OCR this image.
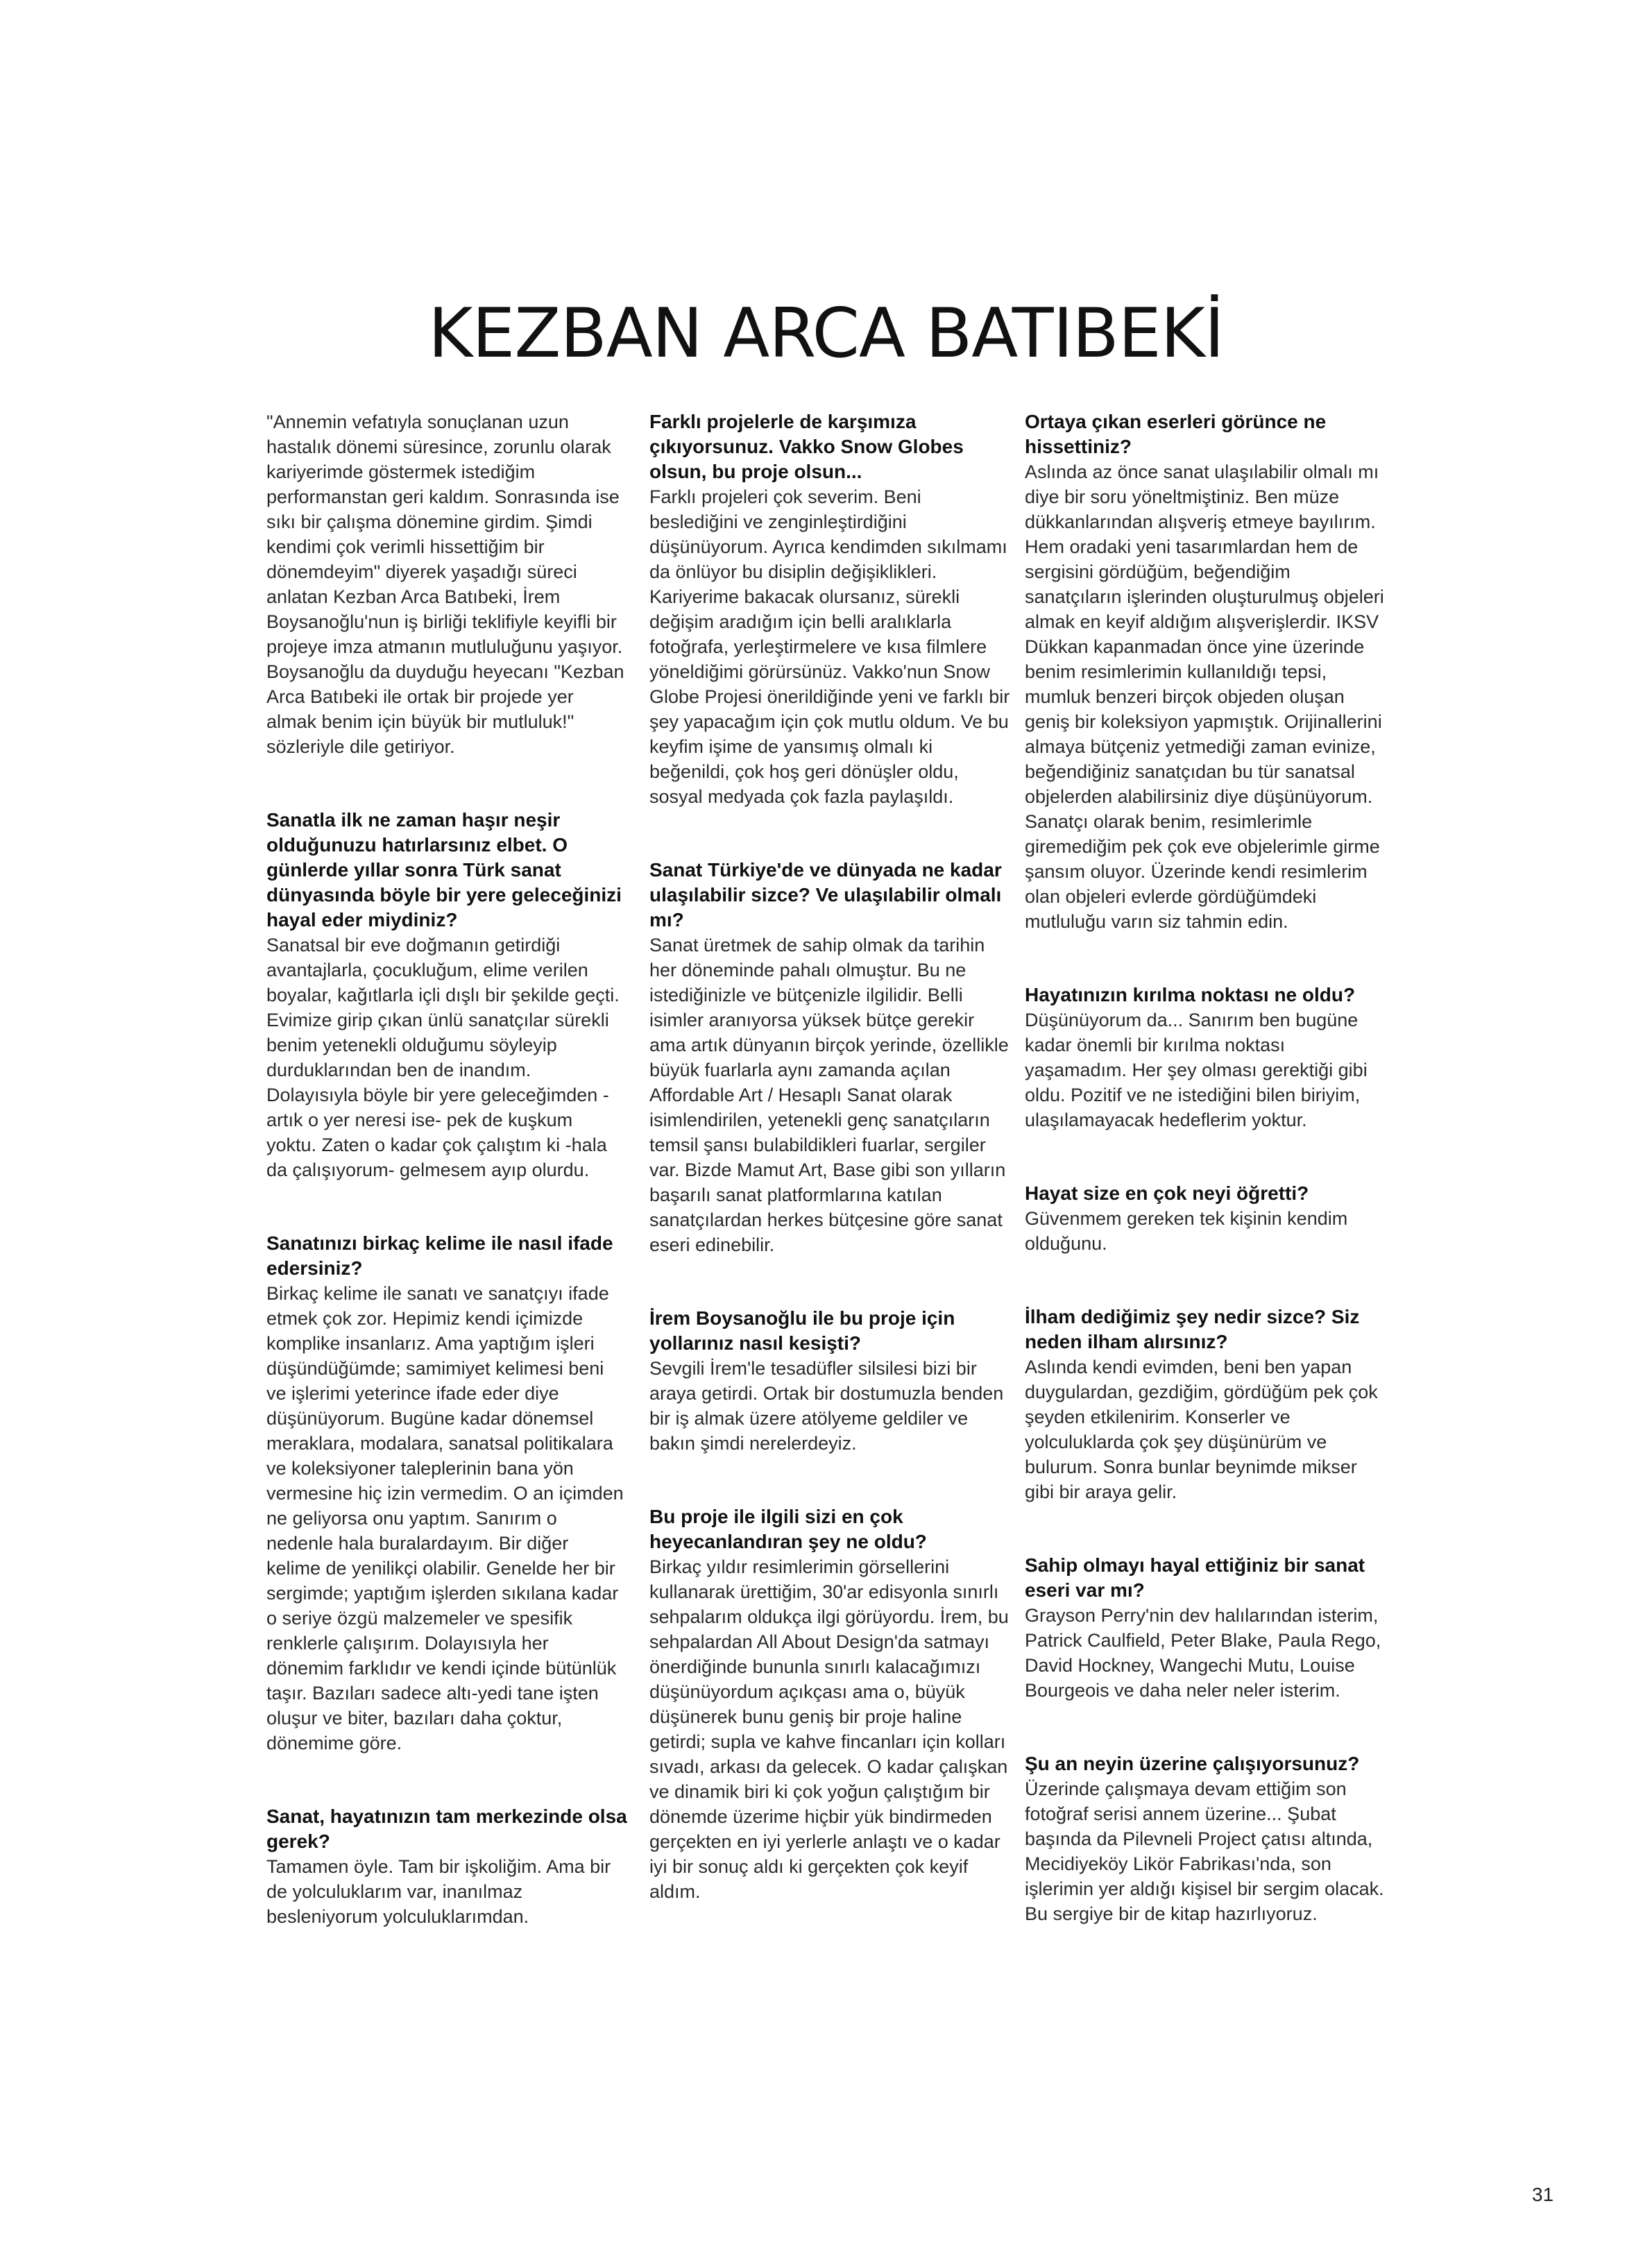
KEZBAN ARCA BATIBEKİ

"Annemin vefatıyla sonuçlanan uzun hastalık dönemi süresince, zorunlu olarak kariyerimde göstermek istediğim performanstan geri kaldım. Sonrasında ise sıkı bir çalışma dönemine girdim. Şimdi kendimi çok verimli hissettiğim bir dönemdeyim" diyerek yaşadığı süreci anlatan Kezban Arca Batıbeki, İrem Boysanoğlu'nun iş birliği teklifiyle keyifli bir projeye imza atmanın mutluluğunu yaşıyor. Boysanoğlu da duyduğu heyecanı "Kezban Arca Batıbeki ile ortak bir projede yer almak benim için büyük bir mutluluk!" sözleriyle dile getiriyor.

Sanatla ilk ne zaman haşır neşir olduğunuzu hatırlarsınız elbet. O günlerde yıllar sonra Türk sanat dünyasında böyle bir yere geleceğinizi hayal eder miydiniz?

Sanatsal bir eve doğmanın getirdiği avantajlarla, çocukluğum, elime verilen boyalar, kağıtlarla içli dışlı bir şekilde geçti. Evimize girip çıkan ünlü sanatçılar sürekli benim yetenekli olduğumu söyleyip durduklarından ben de inandım. Dolayısıyla böyle bir yere geleceğimden -artık o yer neresi ise- pek de kuşkum yoktu. Zaten o kadar çok çalıştım ki -hala da çalışıyorum- gelmesem ayıp olurdu.

Sanatınızı birkaç kelime ile nasıl ifade edersiniz?

Birkaç kelime ile sanatı ve sanatçıyı ifade etmek çok zor. Hepimiz kendi içimizde komplike insanlarız. Ama yaptığım işleri düşündüğümde; samimiyet kelimesi beni ve işlerimi yeterince ifade eder diye düşünüyorum. Bugüne kadar dönemsel meraklara, modalara, sanatsal politikalara ve koleksiyoner taleplerinin bana yön vermesine hiç izin vermedim. O an içimden ne geliyorsa onu yaptım. Sanırım o nedenle hala buralardayım. Bir diğer kelime de yenilikçi olabilir. Genelde her bir sergimde; yaptığım işlerden sıkılana kadar o seriye özgü malzemeler ve spesifik renklerle çalışırım. Dolayısıyla her dönemim farklıdır ve kendi içinde bütünlük taşır. Bazıları sadece altı-yedi tane işten oluşur ve biter, bazıları daha çoktur, dönemime göre.

Sanat, hayatınızın tam merkezinde olsa gerek?

Tamamen öyle. Tam bir işkoliğim. Ama bir de yolculuklarım var, inanılmaz besleniyorum yolculuklarımdan.

Farklı projelerle de karşımıza çıkıyorsunuz. Vakko Snow Globes olsun, bu proje olsun...

Farklı projeleri çok severim. Beni beslediğini ve zenginleştirdiğini düşünüyorum. Ayrıca kendimden sıkılmamı da önlüyor bu disiplin değişiklikleri. Kariyerime bakacak olursanız, sürekli değişim aradığım için belli aralıklarla fotoğrafa, yerleştirmelere ve kısa filmlere yöneldiğimi görürsünüz. Vakko'nun Snow Globe Projesi önerildiğinde yeni ve farklı bir şey yapacağım için çok mutlu oldum. Ve bu keyfim işime de yansımış olmalı ki beğenildi, çok hoş geri dönüşler oldu, sosyal medyada çok fazla paylaşıldı.

Sanat Türkiye'de ve dünyada ne kadar ulaşılabilir sizce? Ve ulaşılabilir olmalı mı?

Sanat üretmek de sahip olmak da tarihin her döneminde pahalı olmuştur. Bu ne istediğinizle ve bütçenizle ilgilidir. Belli isimler aranıyorsa yüksek bütçe gerekir ama artık dünyanın birçok yerinde, özellikle büyük fuarlarla aynı zamanda açılan Affordable Art / Hesaplı Sanat olarak isimlendirilen, yetenekli genç sanatçıların temsil şansı bulabildikleri fuarlar, sergiler var. Bizde Mamut Art, Base gibi son yılların başarılı sanat platformlarına katılan sanatçılardan herkes bütçesine göre sanat eseri edinebilir.

İrem Boysanoğlu ile bu proje için yollarınız nasıl kesişti?

Sevgili İrem'le tesadüfler silsilesi bizi bir araya getirdi. Ortak bir dostumuzla benden bir iş almak üzere atölyeme geldiler ve bakın şimdi nerelerdeyiz.

Bu proje ile ilgili sizi en çok heyecanlandıran şey ne oldu?

Birkaç yıldır resimlerimin görsellerini kullanarak ürettiğim, 30'ar edisyonla sınırlı sehpalarım oldukça ilgi görüyordu. İrem, bu sehpalardan All About Design'da satmayı önerdiğinde bununla sınırlı kalacağımızı düşünüyordum açıkçası ama o, büyük düşünerek bunu geniş bir proje haline getirdi; supla ve kahve fincanları için kolları sıvadı, arkası da gelecek. O kadar çalışkan ve dinamik biri ki çok yoğun çalıştığım bir dönemde üzerime hiçbir yük bindirmeden gerçekten en iyi yerlerle anlaştı ve o kadar iyi bir sonuç aldı ki gerçekten çok keyif aldım.

Ortaya çıkan eserleri görünce ne hissettiniz?

Aslında az önce sanat ulaşılabilir olmalı mı diye bir soru yöneltmiştiniz. Ben müze dükkanlarından alışveriş etmeye bayılırım. Hem oradaki yeni tasarımlardan hem de sergisini gördüğüm, beğendiğim sanatçıların işlerinden oluşturulmuş objeleri almak en keyif aldığım alışverişlerdir. IKSV Dükkan kapanmadan önce yine üzerinde benim resimlerimin kullanıldığı tepsi, mumluk benzeri birçok objeden oluşan geniş bir koleksiyon yapmıştık. Orijinallerini almaya bütçeniz yetmediği zaman evinize, beğendiğiniz sanatçıdan bu tür sanatsal objelerden alabilirsiniz diye düşünüyorum. Sanatçı olarak benim, resimlerimle giremediğim pek çok eve objelerimle girme şansım oluyor. Üzerinde kendi resimlerim olan objeleri evlerde gördüğümdeki mutluluğu varın siz tahmin edin.

Hayatınızın kırılma noktası ne oldu?

Düşünüyorum da... Sanırım ben bugüne kadar önemli bir kırılma noktası yaşamadım. Her şey olması gerektiği gibi oldu. Pozitif ve ne istediğini bilen biriyim, ulaşılamayacak hedeflerim yoktur.

Hayat size en çok neyi öğretti?

Güvenmem gereken tek kişinin kendim olduğunu.

İlham dediğimiz şey nedir sizce? Siz neden ilham alırsınız?

Aslında kendi evimden, beni ben yapan duygulardan, gezdiğim, gördüğüm pek çok şeyden etkilenirim. Konserler ve yolculuklarda çok şey düşünürüm ve bulurum. Sonra bunlar beynimde mikser gibi bir araya gelir.

Sahip olmayı hayal ettiğiniz bir sanat eseri var mı?

Grayson Perry'nin dev halılarından isterim, Patrick Caulfield, Peter Blake, Paula Rego, David Hockney, Wangechi Mutu, Louise Bourgeois ve daha neler neler isterim.

Şu an neyin üzerine çalışıyorsunuz?

Üzerinde çalışmaya devam ettiğim son fotoğraf serisi annem üzerine... Şubat başında da Pilevneli Project çatısı altında, Mecidiyeköy Likör Fabrikası'nda, son işlerimin yer aldığı kişisel bir sergim olacak. Bu sergiye bir de kitap hazırlıyoruz.

31
